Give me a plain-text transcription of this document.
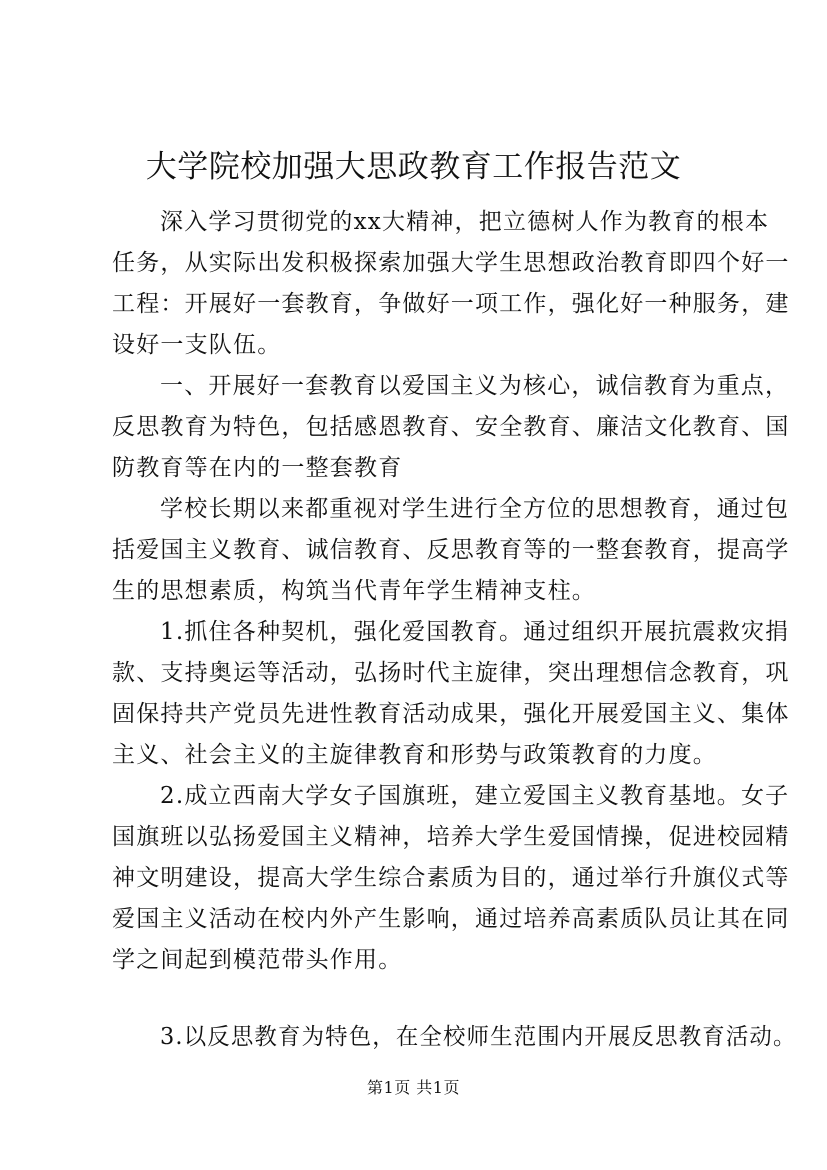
大学院校加强大思政教育工作报告范文
深入学习贯彻党的xx大精神，把立德树人作为教育的根本
任务，从实际出发积极探索加强大学生思想政治教育即四个好一
工程：开展好一套教育，争做好一项工作，强化好一种服务，建
设好一支队伍。
一、开展好一套教育以爱国主义为核心，诚信教育为重点，
反思教育为特色，包括感恩教育、安全教育、廉洁文化教育、国
防教育等在内的一整套教育
学校长期以来都重视对学生进行全方位的思想教育，通过包
括爱国主义教育、诚信教育、反思教育等的一整套教育，提高学
生的思想素质，构筑当代青年学生精神支柱。
1.抓住各种契机，强化爱国教育。通过组织开展抗震救灾捐
款、支持奥运等活动，弘扬时代主旋律，突出理想信念教育，巩
固保持共产党员先进性教育活动成果，强化开展爱国主义、集体
主义、社会主义的主旋律教育和形势与政策教育的力度。
2.成立西南大学女子国旗班，建立爱国主义教育基地。女子
国旗班以弘扬爱国主义精神，培养大学生爱国情操，促进校园精
神文明建设，提高大学生综合素质为目的，通过举行升旗仪式等
爱国主义活动在校内外产生影响，通过培养高素质队员让其在同
学之间起到模范带头作用。
3.以反思教育为特色，在全校师生范围内开展反思教育活动。
第1页 共1页
